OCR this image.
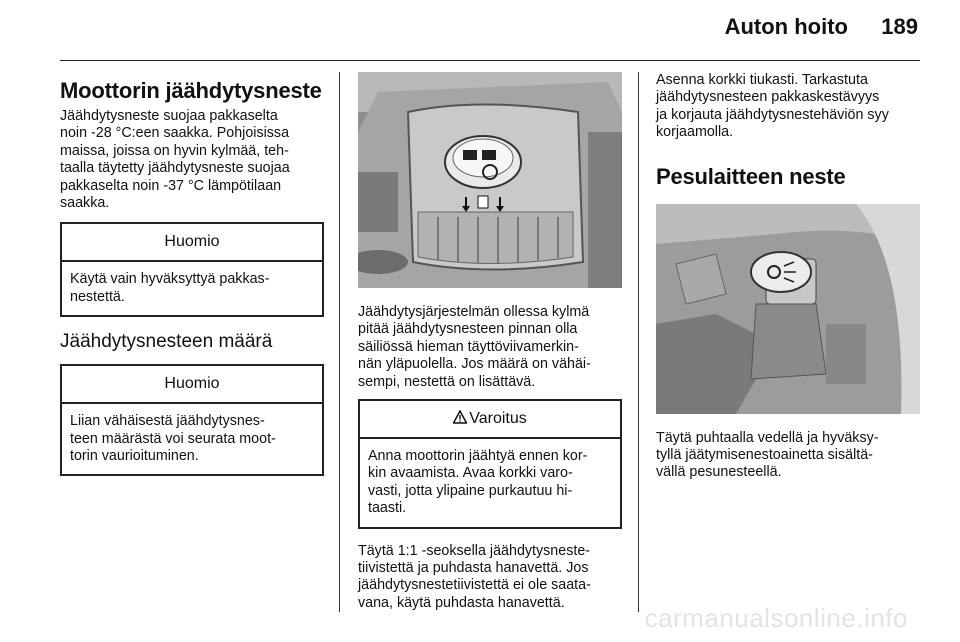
Auton hoito 189
Moottorin jäähdytysneste

Jäähdytysneste suojaa pakkaselta
noin -28 °C:een saakka. Pohjoisissa
maissa, joissa on hyvin kylmää, teh‐
taalla täytetty jäähdytysneste suojaa
pakkaselta noin -37 °C lämpötilaan
saakka.

Huomio
Käytä vain hyväksyttyä pakkas‐
nestettä.
Jäähdytysnesteen määrä
Huomio
Liian vähäisestä jäähdytysnes‐
teen määrästä voi seurata moot‐
torin vaurioituminen.

Jäähdytysjärjestelmän ollessa kylmä
pitää jäähdytysnesteen pinnan olla
säiliössä hieman täyttöviivamerkin‐
nän yläpuolella. Jos määrä on vähäi‐
sempi, nestettä on lisättävä.

Varoitus
Anna moottorin jäähtyä ennen kor‐
kin avaamista. Avaa korkki varo‐
vasti, jotta ylipaine purkautuu hi‐
taasti.

Täytä 1:1 -seoksella jäähdytysneste‐
tiivistettä ja puhdasta hanavettä. Jos
jäähdytysnestetiivistettä ei ole saata‐
vana, käytä puhdasta hanavettä.

Asenna korkki tiukasti. Tarkastuta
jäähdytysnesteen pakkaskestävyys
ja korjauta jäähdytysnestehäviön syy
korjaamolla.

Pesulaitteen neste

Täytä puhtaalla vedellä ja hyväksy‐
tyllä jäätymisenestoainetta sisältä‐
vällä pesunesteellä.

carmanualsonline.info
